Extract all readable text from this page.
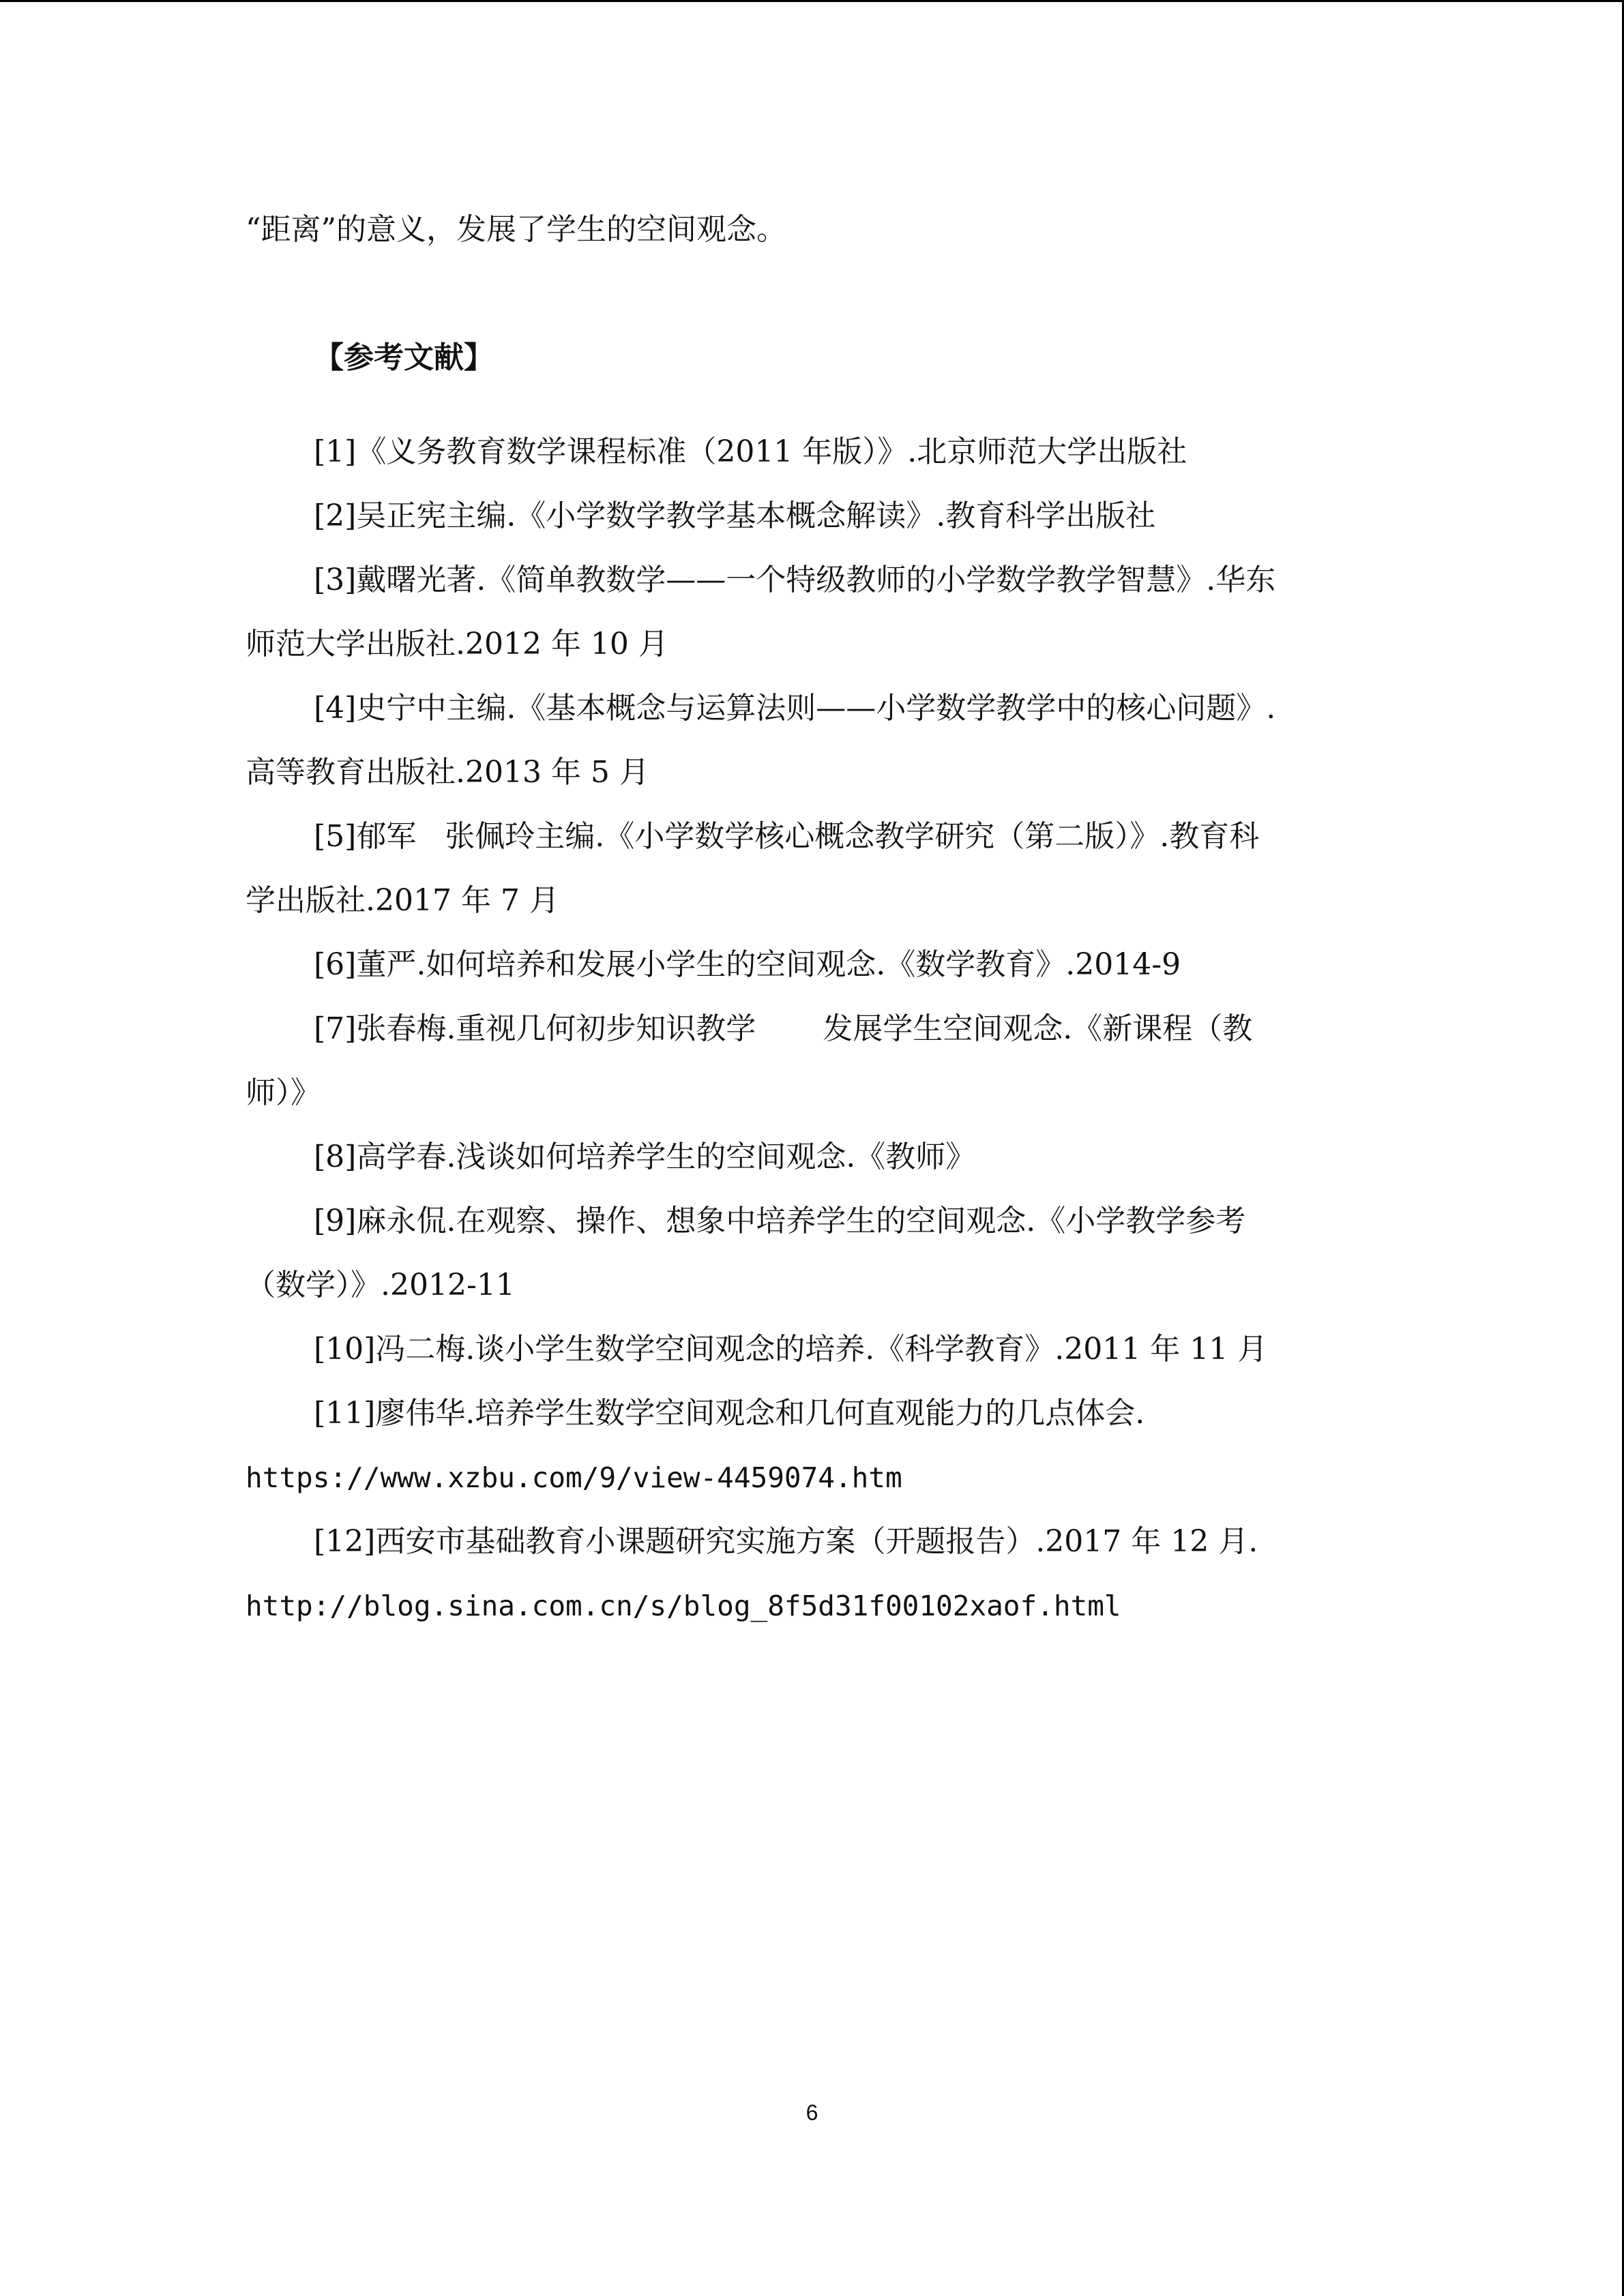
“距离”的意义，发展了学生的空间观念。

【参考文献】

[1]《义务教育数学课程标准（2011 年版）》.北京师范大学出版社

[2]吴正宪主编.《小学数学教学基本概念解读》.教育科学出版社

[3]戴曙光著.《简单教数学——一个特级教师的小学数学教学智慧》.华东

师范大学出版社.2012 年 10 月

[4]史宁中主编.《基本概念与运算法则——小学数学教学中的核心问题》.

高等教育出版社.2013 年 5 月

[5]郁军   张佩玲主编.《小学数学核心概念教学研究（第二版）》.教育科

学出版社.2017 年 7 月

[6]董严.如何培养和发展小学生的空间观念.《数学教育》.2014-9

[7]张春梅.重视几何初步知识教学       发展学生空间观念.《新课程（教

师）》

[8]高学春.浅谈如何培养学生的空间观念.《教师》

[9]麻永侃.在观察、操作、想象中培养学生的空间观念.《小学教学参考

（数学）》.2012-11

[10]冯二梅.谈小学生数学空间观念的培养.《科学教育》.2011 年 11 月

[11]廖伟华.培养学生数学空间观念和几何直观能力的几点体会.

https://www.xzbu.com/9/view-4459074.htm

[12]西安市基础教育小课题研究实施方案（开题报告）.2017 年 12 月.

http://blog.sina.com.cn/s/blog_8f5d31f00102xaof.html

6
